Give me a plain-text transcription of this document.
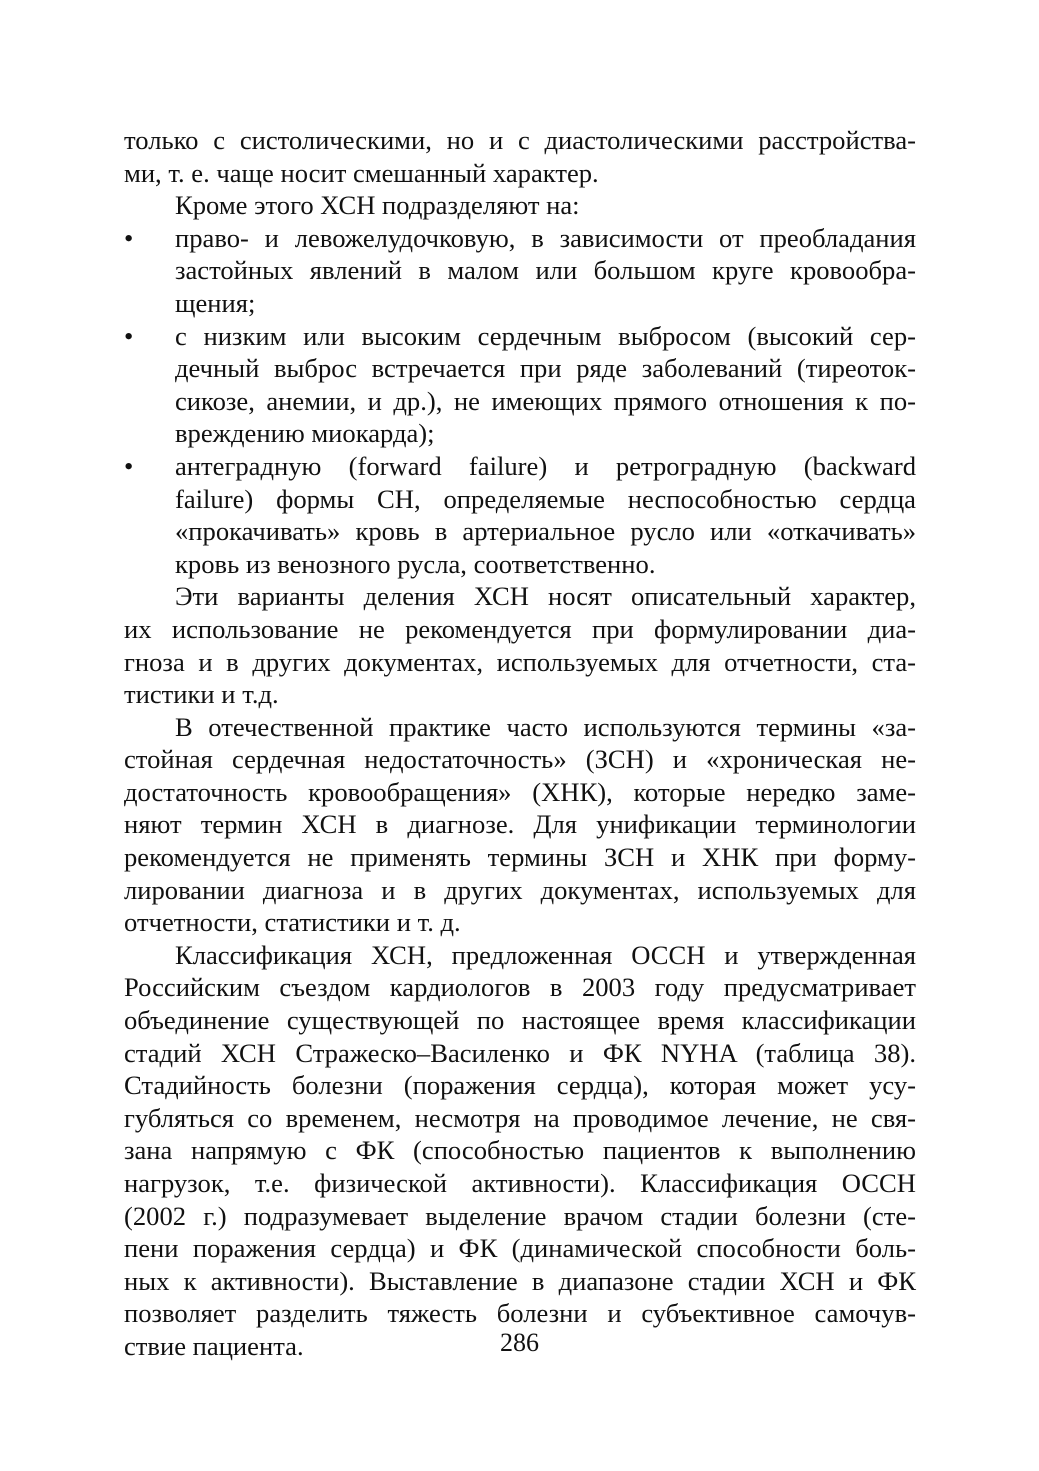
только с систолическими, но и с диастолическими расстройства-
ми, т. е. чаще носит смешанный характер.
Кроме этого ХСН подразделяют на:
• право- и левожелудочковую, в зависимости от преобладания
застойных явлений в малом или большом круге кровообра-
щения;
• с низким или высоким сердечным выбросом (высокий сер-
дечный выброс встречается при ряде заболеваний (тиреоток-
сикозе, анемии, и др.), не имеющих прямого отношения к по-
вреждению миокарда);
• антеградную (forward failure) и ретроградную (backward
failure) формы СН, определяемые неспособностью сердца
«прокачивать» кровь в артериальное русло или «откачивать»
кровь из венозного русла, соответственно.
Эти варианты деления ХСН носят описательный характер,
их использование не рекомендуется при формулировании диа-
гноза и в других документах, используемых для отчетности, ста-
тистики и т.д.
В отечественной практике часто используются термины «за-
стойная сердечная недостаточность» (ЗСН) и «хроническая не-
достаточность кровообращения» (ХНК), которые нередко заме-
няют термин ХСН в диагнозе. Для унификации терминологии
рекомендуется не применять термины ЗСН и ХНК при форму-
лировании диагноза и в других документах, используемых для
отчетности, статистики и т. д.
Классификация ХСН, предложенная ОССН и утвержденная
Российским съездом кардиологов в 2003 году предусматривает
объединение существующей по настоящее время классификации
стадий ХСН Стражеско–Василенко и ФК NYHA (таблица 38).
Стадийность болезни (поражения сердца), которая может усу-
губляться со временем, несмотря на проводимое лечение, не свя-
зана напрямую с ФК (способностью пациентов к выполнению
нагрузок, т.е. физической активности). Классификация ОССН
(2002 г.) подразумевает выделение врачом стадии болезни (сте-
пени поражения сердца) и ФК (динамической способности боль-
ных к активности). Выставление в диапазоне стадии ХСН и ФК
позволяет разделить тяжесть болезни и субъективное самочув-
ствие пациента.	286
